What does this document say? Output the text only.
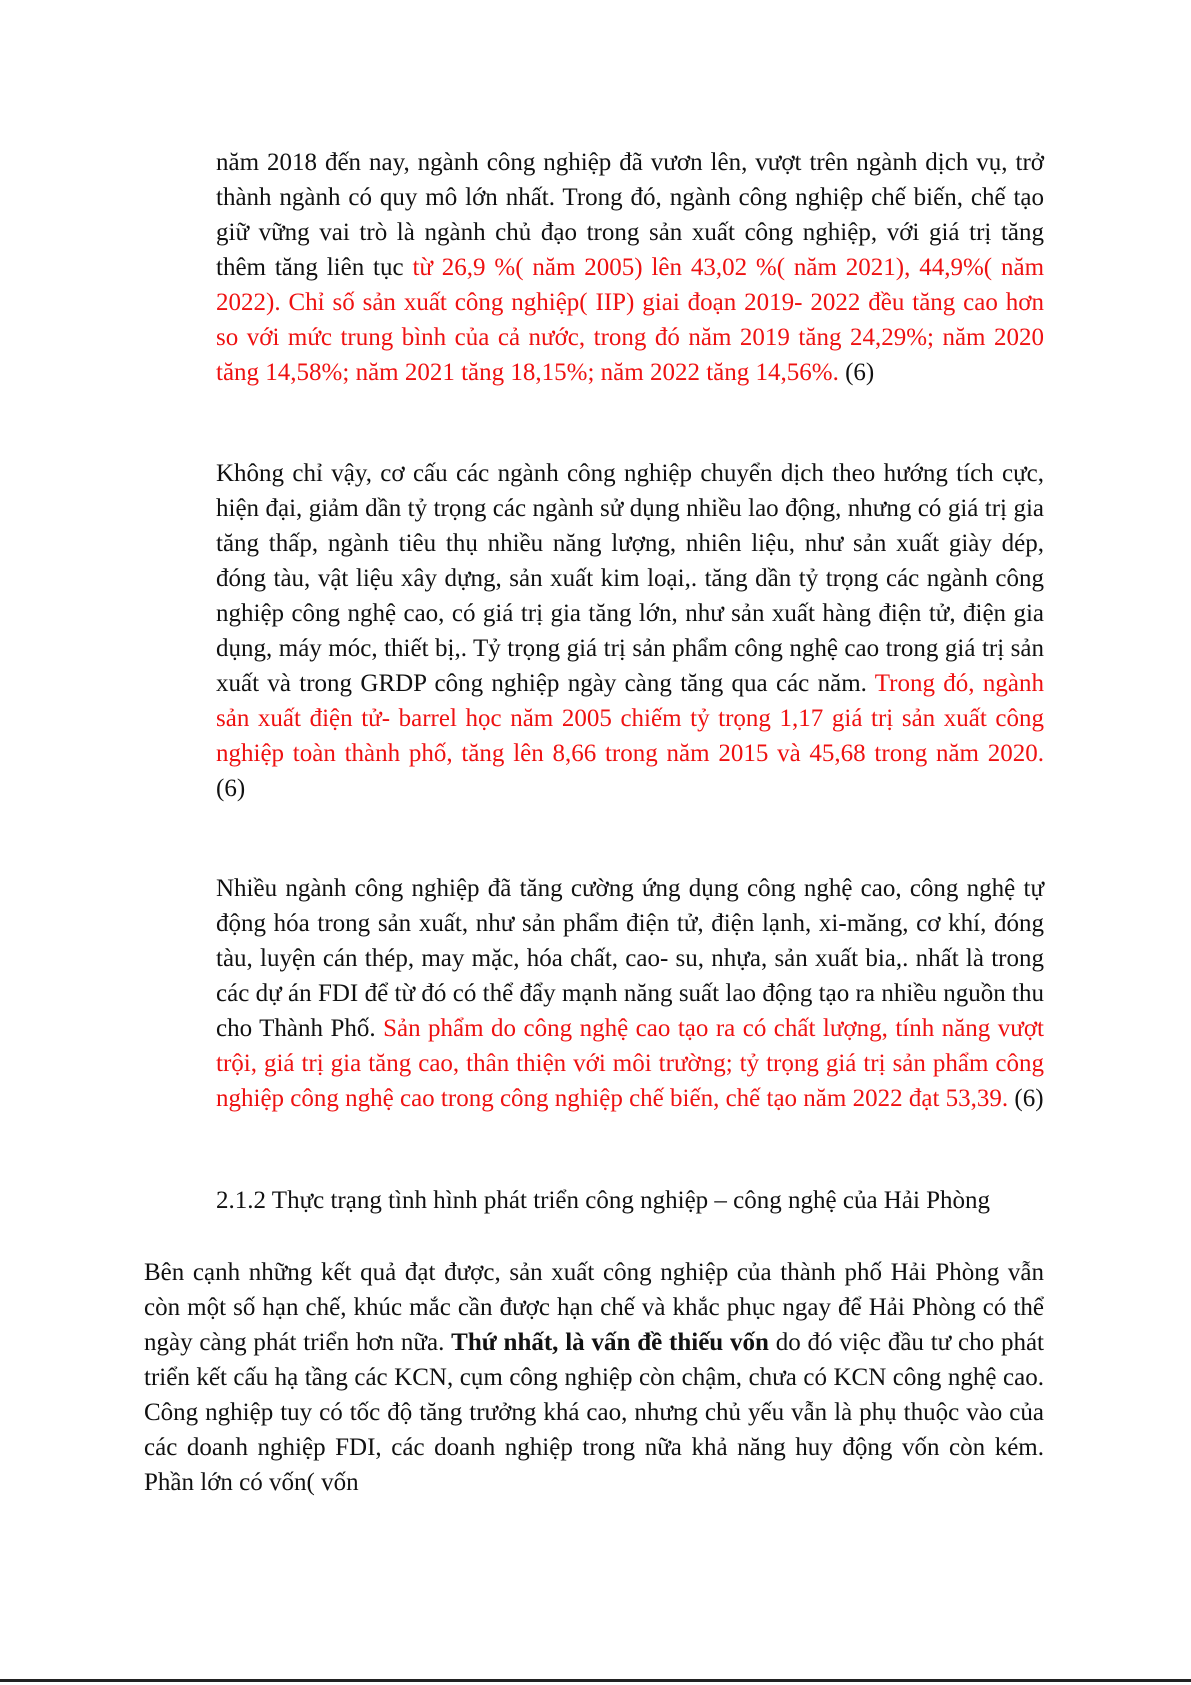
năm 2018 đến nay, ngành công nghiệp đã vươn lên, vượt trên ngành dịch vụ, trở thành ngành có quy mô lớn nhất. Trong đó, ngành công nghiệp chế biến, chế tạo giữ vững vai trò là ngành chủ đạo trong sản xuất công nghiệp, với giá trị tăng thêm tăng liên tục từ 26,9 %( năm 2005) lên 43,02 %( năm 2021), 44,9%( năm 2022). Chỉ số sản xuất công nghiệp( IIP) giai đoạn 2019- 2022 đều tăng cao hơn so với mức trung bình của cả nước, trong đó năm 2019 tăng 24,29%; năm 2020 tăng 14,58%; năm 2021 tăng 18,15%; năm 2022 tăng 14,56%. (6)

Không chỉ vậy, cơ cấu các ngành công nghiệp chuyển dịch theo hướng tích cực, hiện đại, giảm dần tỷ trọng các ngành sử dụng nhiều lao động, nhưng có giá trị gia tăng thấp, ngành tiêu thụ nhiều năng lượng, nhiên liệu, như sản xuất giày dép, đóng tàu, vật liệu xây dựng, sản xuất kim loại,. tăng dần tỷ trọng các ngành công nghiệp công nghệ cao, có giá trị gia tăng lớn, như sản xuất hàng điện tử, điện gia dụng, máy móc, thiết bị,. Tỷ trọng giá trị sản phẩm công nghệ cao trong giá trị sản xuất và trong GRDP công nghiệp ngày càng tăng qua các năm. Trong đó, ngành sản xuất điện tử- barrel học năm 2005 chiếm tỷ trọng 1,17 giá trị sản xuất công nghiệp toàn thành phố, tăng lên 8,66 trong năm 2015 và 45,68 trong năm 2020. (6)

Nhiều ngành công nghiệp đã tăng cường ứng dụng công nghệ cao, công nghệ tự động hóa trong sản xuất, như sản phẩm điện tử, điện lạnh, xi-măng, cơ khí, đóng tàu, luyện cán thép, may mặc, hóa chất, cao- su, nhựa, sản xuất bia,. nhất là trong các dự án FDI để từ đó có thể đẩy mạnh năng suất lao động tạo ra nhiều nguồn thu cho Thành Phố. Sản phẩm do công nghệ cao tạo ra có chất lượng, tính năng vượt trội, giá trị gia tăng cao, thân thiện với môi trường; tỷ trọng giá trị sản phẩm công nghiệp công nghệ cao trong công nghiệp chế biến, chế tạo năm 2022 đạt 53,39. (6)

2.1.2 Thực trạng tình hình phát triển công nghiệp – công nghệ của Hải Phòng

Bên cạnh những kết quả đạt được, sản xuất công nghiệp của thành phố Hải Phòng vẫn còn một số hạn chế, khúc mắc cần được hạn chế và khắc phục ngay để Hải Phòng có thể ngày càng phát triển hơn nữa. Thứ nhất, là vấn đề thiếu vốn do đó việc đầu tư cho phát triển kết cấu hạ tầng các KCN, cụm công nghiệp còn chậm, chưa có KCN công nghệ cao. Công nghiệp tuy có tốc độ tăng trưởng khá cao, nhưng chủ yếu vẫn là phụ thuộc vào của các doanh nghiệp FDI, các doanh nghiệp trong nữa khả năng huy động vốn còn kém. Phần lớn có vốn( vốn
